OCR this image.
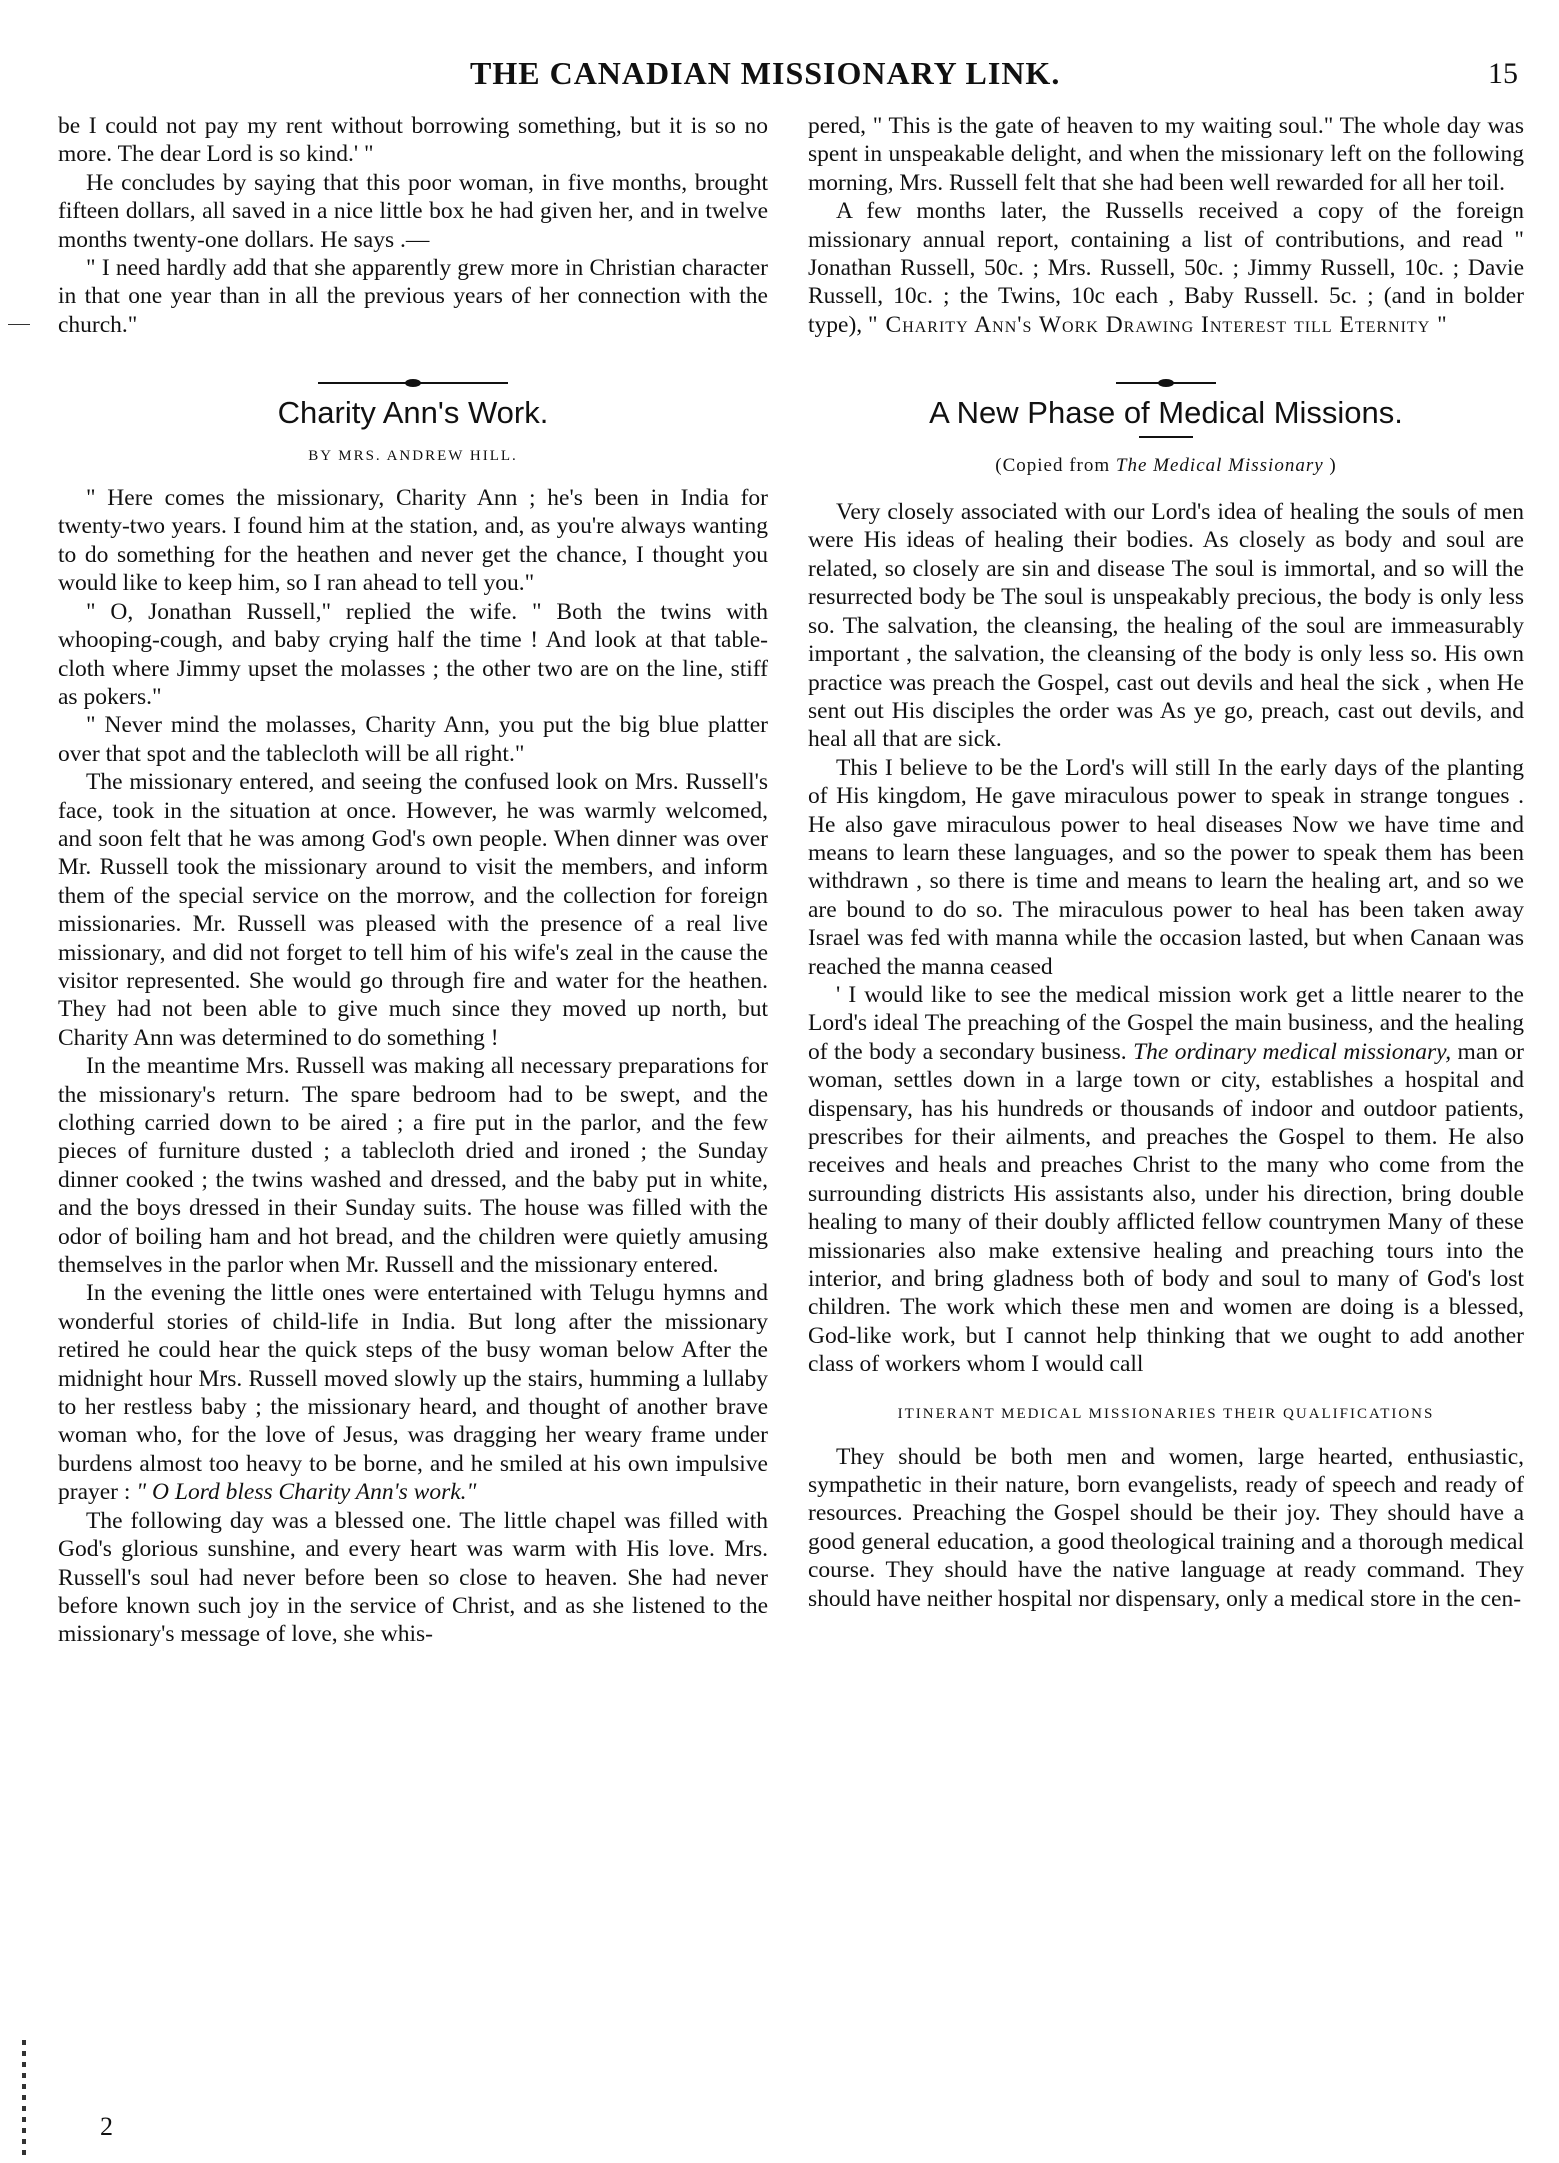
THE CANADIAN MISSIONARY LINK.	15

be I could not pay my rent without borrowing something, but it is so no more. The dear Lord is so kind.' "

He concludes by saying that this poor woman, in five months, brought fifteen dollars, all saved in a nice little box he had given her, and in twelve months twenty-one dollars. He says .—

" I need hardly add that she apparently grew more in Christian character in that one year than in all the previous years of her connection with the church."

Charity Ann's Work.
BY MRS. ANDREW HILL.

" Here comes the missionary, Charity Ann ; he's been in India for twenty-two years. I found him at the station, and, as you're always wanting to do something for the heathen and never get the chance, I thought you would like to keep him, so I ran ahead to tell you."

" O, Jonathan Russell," replied the wife. " Both the twins with whooping-cough, and baby crying half the time ! And look at that table-cloth where Jimmy upset the molasses ; the other two are on the line, stiff as pokers."

" Never mind the molasses, Charity Ann, you put the big blue platter over that spot and the tablecloth will be all right."

The missionary entered, and seeing the confused look on Mrs. Russell's face, took in the situation at once. However, he was warmly welcomed, and soon felt that he was among God's own people. When dinner was over Mr. Russell took the missionary around to visit the members, and inform them of the special service on the morrow, and the collection for foreign missionaries. Mr. Russell was pleased with the presence of a real live missionary, and did not forget to tell him of his wife's zeal in the cause the visitor represented. She would go through fire and water for the heathen. They had not been able to give much since they moved up north, but Charity Ann was determined to do something !

In the meantime Mrs. Russell was making all necessary preparations for the missionary's return. The spare bedroom had to be swept, and the clothing carried down to be aired ; a fire put in the parlor, and the few pieces of furniture dusted ; a tablecloth dried and ironed ; the Sunday dinner cooked ; the twins washed and dressed, and the baby put in white, and the boys dressed in their Sunday suits. The house was filled with the odor of boiling ham and hot bread, and the children were quietly amusing themselves in the parlor when Mr. Russell and the missionary entered.

In the evening the little ones were entertained with Telugu hymns and wonderful stories of child-life in India. But long after the missionary retired he could hear the quick steps of the busy woman below After the midnight hour Mrs. Russell moved slowly up the stairs, humming a lullaby to her restless baby ; the missionary heard, and thought of another brave woman who, for the love of Jesus, was dragging her weary frame under burdens almost too heavy to be borne, and he smiled at his own impulsive prayer : " O Lord bless Charity Ann's work."

The following day was a blessed one. The little chapel was filled with God's glorious sunshine, and every heart was warm with His love. Mrs. Russell's soul had never before been so close to heaven. She had never before known such joy in the service of Christ, and as she listened to the missionary's message of love, she whis-

2

pered, " This is the gate of heaven to my waiting soul." The whole day was spent in unspeakable delight, and when the missionary left on the following morning, Mrs. Russell felt that she had been well rewarded for all her toil.

A few months later, the Russells received a copy of the foreign missionary annual report, containing a list of contributions, and read " Jonathan Russell, 50c. ; Mrs. Russell, 50c. ; Jimmy Russell, 10c. ; Davie Russell, 10c. ; the Twins, 10c each , Baby Russell. 5c. ; (and in bolder type), " Charity Ann's Work Drawing Interest till Eternity "

A New Phase of Medical Missions.
(Copied from The Medical Missionary )

Very closely associated with our Lord's idea of healing the souls of men were His ideas of healing their bodies. As closely as body and soul are related, so closely are sin and disease The soul is immortal, and so will the resurrected body be The soul is unspeakably precious, the body is only less so. The salvation, the cleansing, the healing of the soul are immeasurably important , the salvation, the cleansing of the body is only less so. His own practice was preach the Gospel, cast out devils and heal the sick , when He sent out His disciples the order was As ye go, preach, cast out devils, and heal all that are sick.

This I believe to be the Lord's will still In the early days of the planting of His kingdom, He gave miraculous power to speak in strange tongues . He also gave miraculous power to heal diseases Now we have time and means to learn these languages, and so the power to speak them has been withdrawn , so there is time and means to learn the healing art, and so we are bound to do so. The miraculous power to heal has been taken away Israel was fed with manna while the occasion lasted, but when Canaan was reached the manna ceased

' I would like to see the medical mission work get a little nearer to the Lord's ideal The preaching of the Gospel the main business, and the healing of the body a secondary business. The ordinary medical missionary, man or woman, settles down in a large town or city, establishes a hospital and dispensary, has his hundreds or thousands of indoor and outdoor patients, prescribes for their ailments, and preaches the Gospel to them. He also receives and heals and preaches Christ to the many who come from the surrounding districts His assistants also, under his direction, bring double healing to many of their doubly afflicted fellow countrymen Many of these missionaries also make extensive healing and preaching tours into the interior, and bring gladness both of body and soul to many of God's lost children. The work which these men and women are doing is a blessed, God-like work, but I cannot help thinking that we ought to add another class of workers whom I would call

ITINERANT MEDICAL MISSIONARIES THEIR QUALIFICATIONS

They should be both men and women, large hearted, enthusiastic, sympathetic in their nature, born evangelists, ready of speech and ready of resources. Preaching the Gospel should be their joy. They should have a good general education, a good theological training and a thorough medical course. They should have the native language at ready command. They should have neither hospital nor dispensary, only a medical store in the cen-
